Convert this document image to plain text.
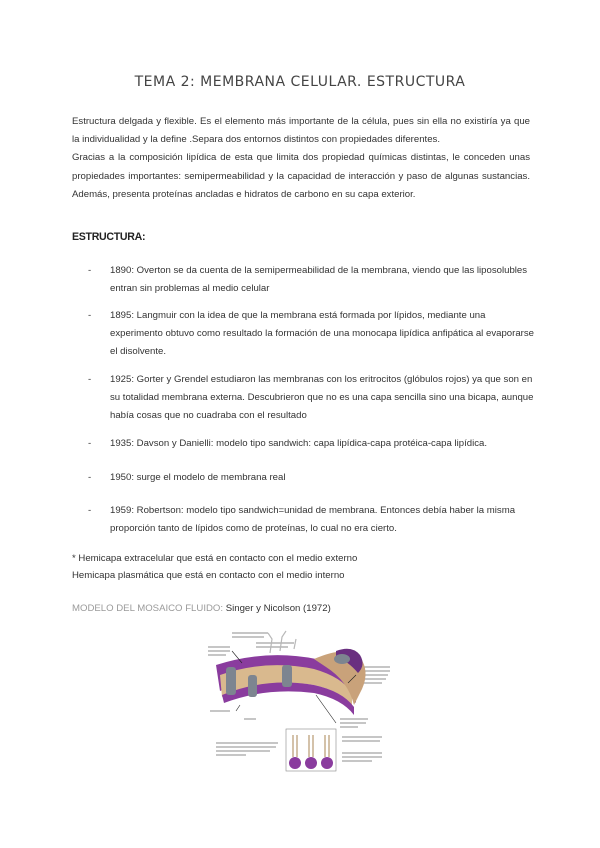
TEMA 2: MEMBRANA CELULAR. ESTRUCTURA

Estructura delgada y flexible. Es el elemento más importante de la célula, pues sin ella no existiría ya que la individualidad y la define .Separa dos entornos distintos con propiedades diferentes.

Gracias a la composición lipídica de esta que limita dos propiedad químicas distintas, le conceden unas propiedades importantes: semipermeabilidad y la capacidad de interacción y paso de algunas sustancias. Además, presenta proteínas ancladas e hidratos de carbono en su capa exterior.

ESTRUCTURA:
- 1890: Overton se da cuenta de la semipermeabilidad de la membrana, viendo que las liposolubles entran sin problemas al medio celular
- 1895: Langmuir con la idea de que la membrana está formada por lípidos, mediante una experimento obtuvo como resultado la formación de una monocapa lipídica anfipática al evaporarse el disolvente.
- 1925: Gorter y Grendel estudiaron las membranas con los eritrocitos (glóbulos rojos) ya que son en su totalidad membrana externa. Descubrieron que no es una capa sencilla sino una bicapa, aunque había cosas que no cuadraba con el resultado
- 1935: Davson y Danielli: modelo tipo sandwich: capa lipídica-capa protéica-capa lipídica.
- 1950: surge el modelo de membrana real
- 1959: Robertson: modelo tipo sandwich=unidad de membrana. Entonces debía haber la misma proporción tanto de lípidos como de proteínas, lo cual no era cierto.

* Hemicapa extracelular que está en contacto con el medio externo

Hemicapa plasmática que está en contacto con el medio interno

MODELO DEL MOSAICO FLUIDO: Singer y Nicolson (1972)
